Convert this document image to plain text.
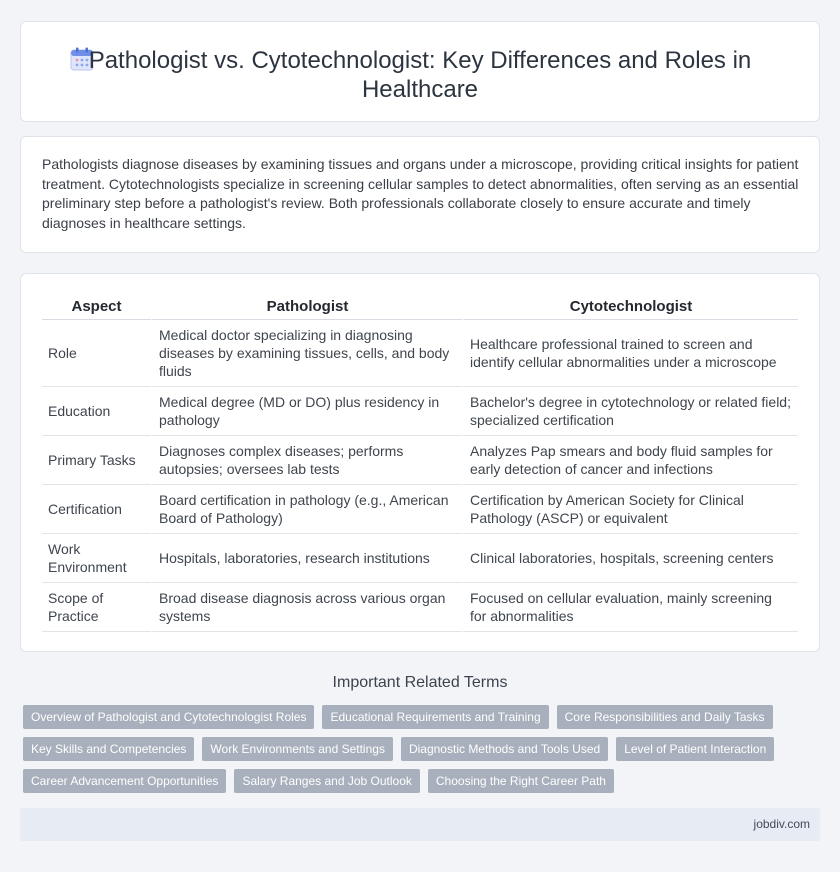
Pathologist vs. Cytotechnologist: Key Differences and Roles in Healthcare

Pathologists diagnose diseases by examining tissues and organs under a microscope, providing critical insights for patient treatment. Cytotechnologists specialize in screening cellular samples to detect abnormalities, often serving as an essential preliminary step before a pathologist's review. Both professionals collaborate closely to ensure accurate and timely diagnoses in healthcare settings.

Aspect	Pathologist	Cytotechnologist
Role	Medical doctor specializing in diagnosing diseases by examining tissues, cells, and body fluids	Healthcare professional trained to screen and identify cellular abnormalities under a microscope
Education	Medical degree (MD or DO) plus residency in pathology	Bachelor's degree in cytotechnology or related field; specialized certification
Primary Tasks	Diagnoses complex diseases; performs autopsies; oversees lab tests	Analyzes Pap smears and body fluid samples for early detection of cancer and infections
Certification	Board certification in pathology (e.g., American Board of Pathology)	Certification by American Society for Clinical Pathology (ASCP) or equivalent
Work Environment	Hospitals, laboratories, research institutions	Clinical laboratories, hospitals, screening centers
Scope of Practice	Broad disease diagnosis across various organ systems	Focused on cellular evaluation, mainly screening for abnormalities
Important Related Terms
Overview of Pathologist and Cytotechnologist Roles	Educational Requirements and Training	Core Responsibilities and Daily Tasks
Key Skills and Competencies	Work Environments and Settings	Diagnostic Methods and Tools Used	Level of Patient Interaction
Career Advancement Opportunities	Salary Ranges and Job Outlook	Choosing the Right Career Path
jobdiv.com
